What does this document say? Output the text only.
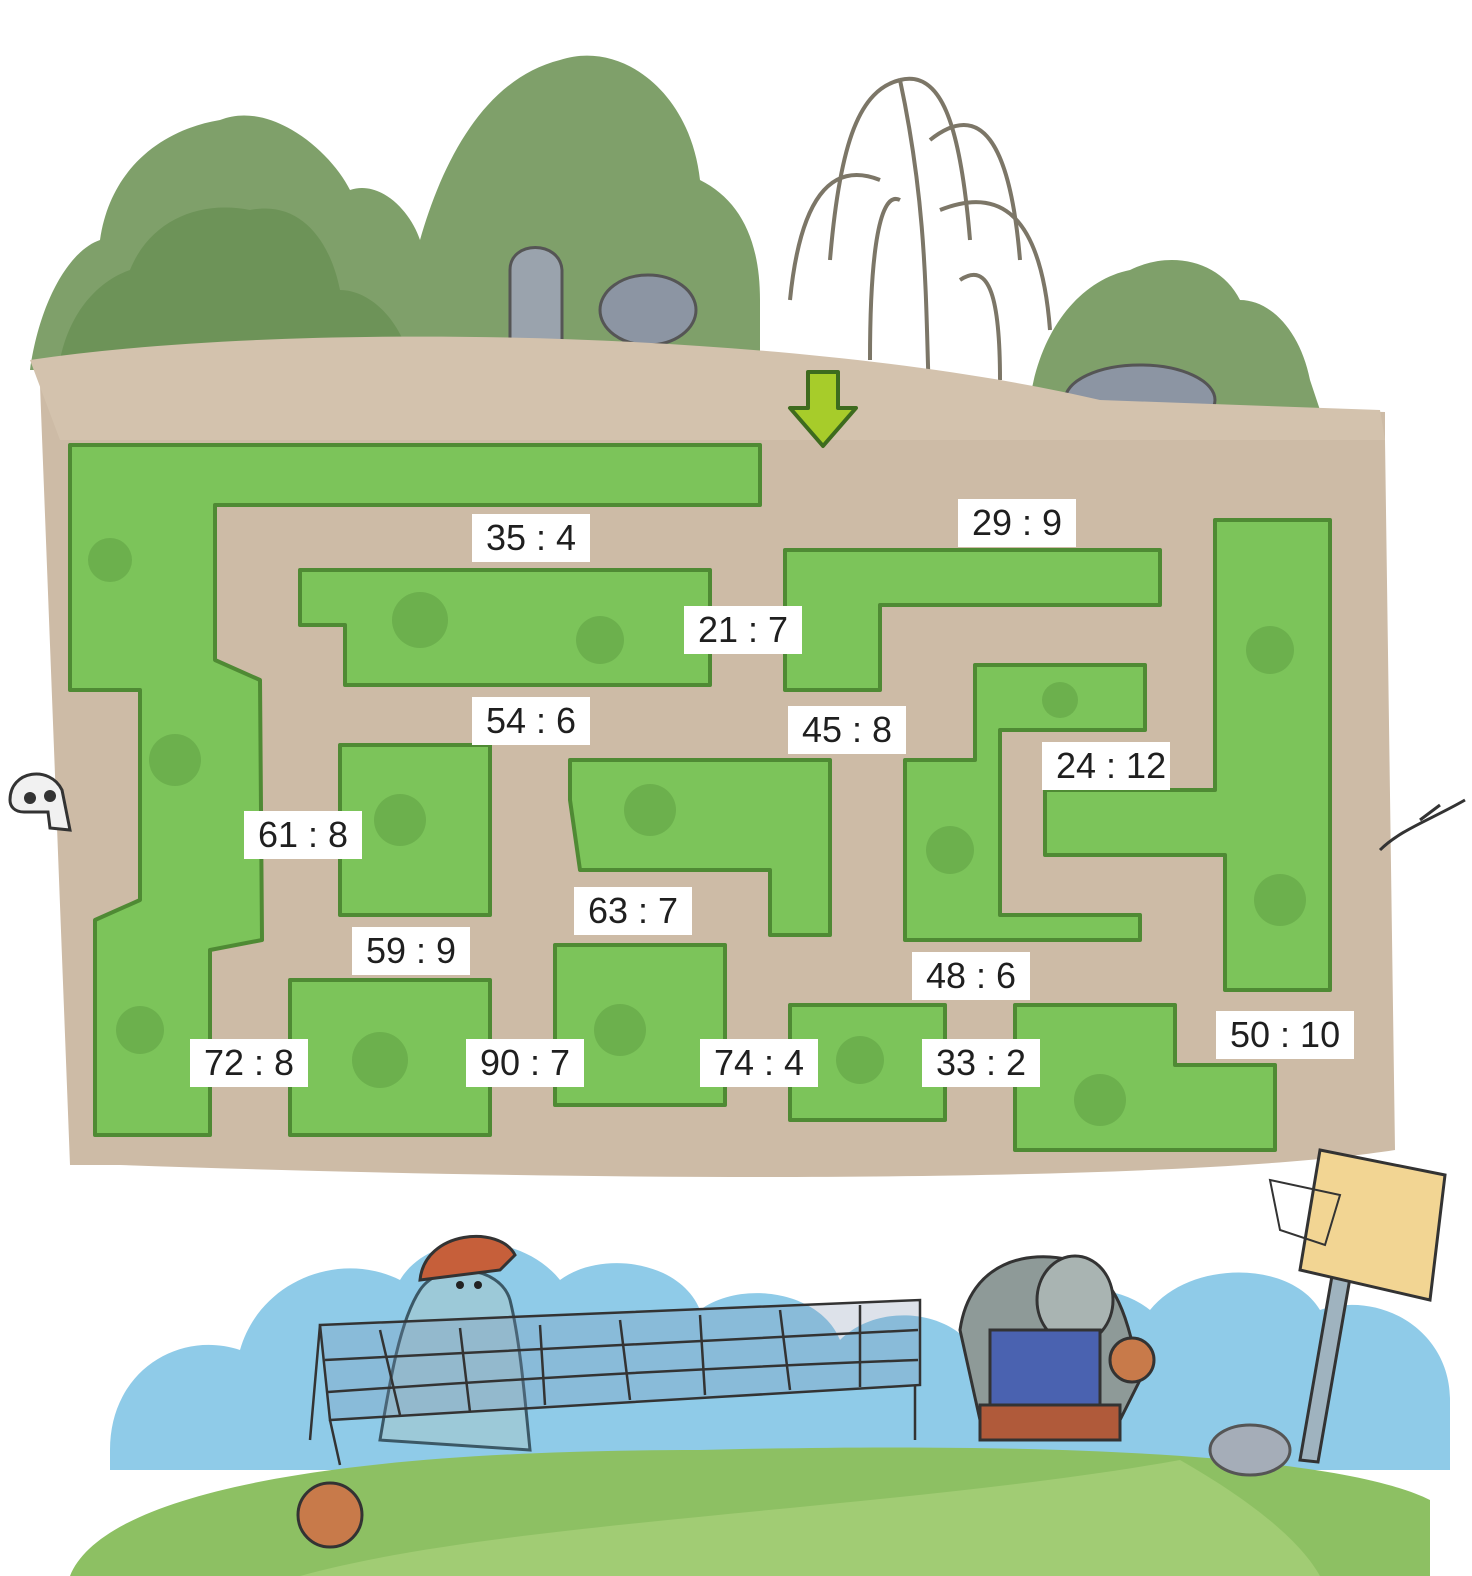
35 : 4	29 : 9
21 : 7
54 : 6	45 : 8
24 : 12
61 : 8
63 : 7
59 : 9
48 : 6
50 : 10
72 : 8	90 : 7	74 : 4	33 : 2
